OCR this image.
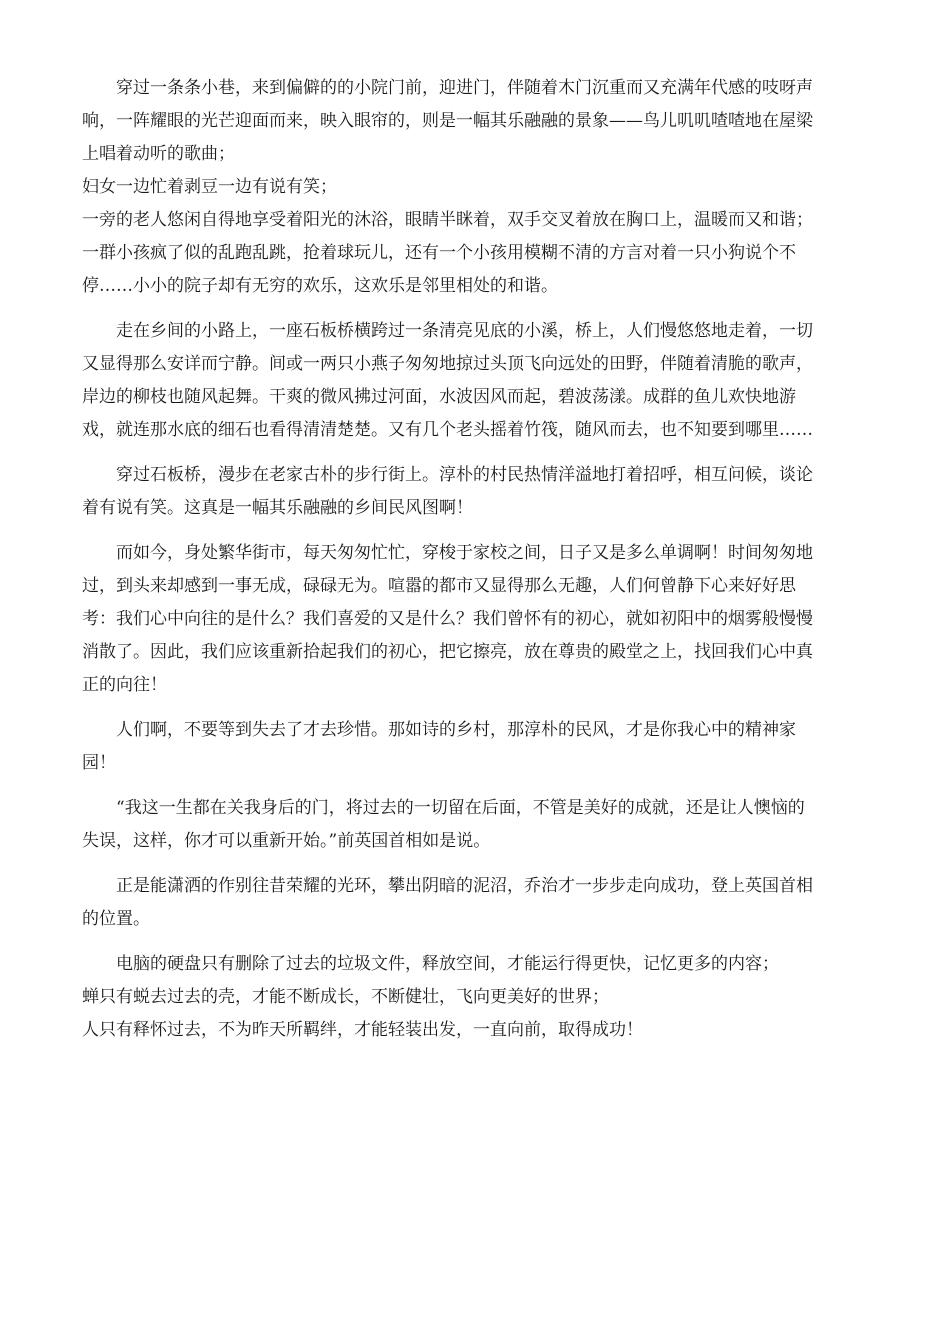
穿过一条条小巷，来到偏僻的的小院门前，迎进门，伴随着木门沉重而又充满年代感的吱呀声
响，一阵耀眼的光芒迎面而来，映入眼帘的，则是一幅其乐融融的景象——鸟儿叽叽喳喳地在屋梁
上唱着动听的歌曲；
妇女一边忙着剥豆一边有说有笑；
一旁的老人悠闲自得地享受着阳光的沐浴，眼睛半眯着，双手交叉着放在胸口上，温暖而又和谐；
一群小孩疯了似的乱跑乱跳，抢着球玩儿，还有一个小孩用模糊不清的方言对着一只小狗说个不
停……小小的院子却有无穷的欢乐，这欢乐是邻里相处的和谐。
走在乡间的小路上，一座石板桥横跨过一条清亮见底的小溪，桥上，人们慢悠悠地走着，一切
又显得那么安详而宁静。间或一两只小燕子匆匆地掠过头顶飞向远处的田野，伴随着清脆的歌声，
岸边的柳枝也随风起舞。干爽的微风拂过河面，水波因风而起，碧波荡漾。成群的鱼儿欢快地游
戏，就连那水底的细石也看得清清楚楚。又有几个老头摇着竹筏，随风而去，也不知要到哪里……
穿过石板桥，漫步在老家古朴的步行街上。淳朴的村民热情洋溢地打着招呼，相互问候，谈论
着有说有笑。这真是一幅其乐融融的乡间民风图啊！
而如今，身处繁华街市，每天匆匆忙忙，穿梭于家校之间，日子又是多么单调啊！时间匆匆地
过，到头来却感到一事无成，碌碌无为。喧嚣的都市又显得那么无趣，人们何曾静下心来好好思
考：我们心中向往的是什么？我们喜爱的又是什么？我们曾怀有的初心，就如初阳中的烟雾般慢慢
消散了。因此，我们应该重新拾起我们的初心，把它擦亮，放在尊贵的殿堂之上，找回我们心中真
正的向往！
人们啊，不要等到失去了才去珍惜。那如诗的乡村，那淳朴的民风，才是你我心中的精神家
园！
“我这一生都在关我身后的门，将过去的一切留在后面，不管是美好的成就，还是让人懊恼的
失误，这样，你才可以重新开始。”前英国首相如是说。
正是能潇洒的作别往昔荣耀的光环，攀出阴暗的泥沼，乔治才一步步走向成功，登上英国首相
的位置。
电脑的硬盘只有删除了过去的垃圾文件，释放空间，才能运行得更快，记忆更多的内容；
蝉只有蜕去过去的壳，才能不断成长，不断健壮，飞向更美好的世界；
人只有释怀过去，不为昨天所羁绊，才能轻装出发，一直向前，取得成功！
